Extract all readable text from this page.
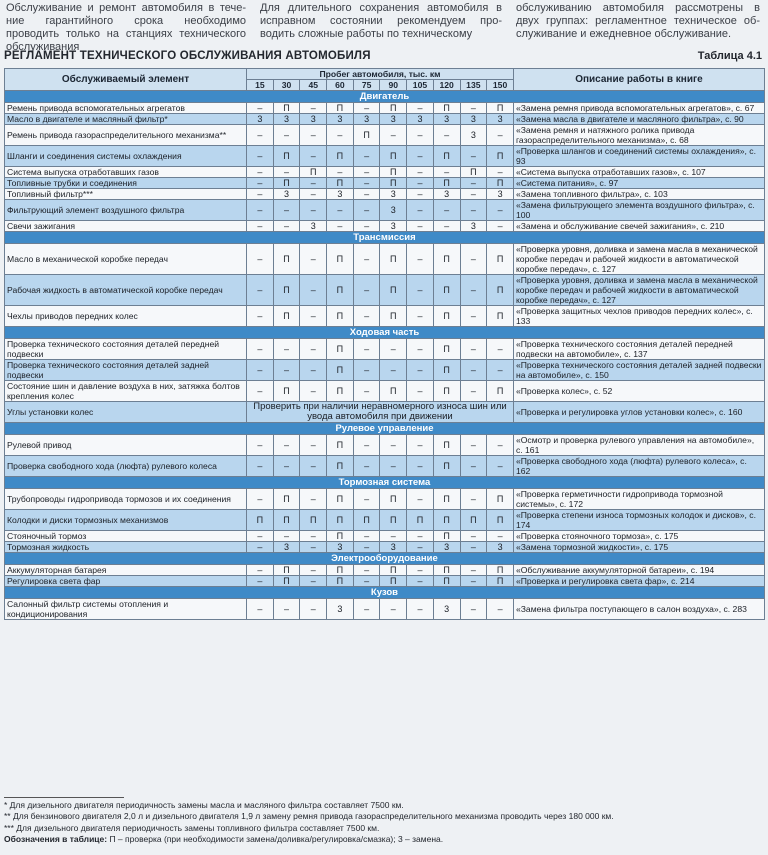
Обслуживание и ремонт автомобиля в тече- ние гарантийного срока необходимо проводить только на станциях технического обслуживания
Для длительного сохранения автомобиля в исправном состоянии рекомендуем про- водить сложные работы по техническому
обслуживанию автомобиля рассмотрены в двух группах: регламентное техническое об- служивание и ежедневное обслуживание.
РЕГЛАМЕНТ ТЕХНИЧЕСКОГО ОБСЛУЖИВАНИЯ АВТОМОБИЛЯ	Таблица 4.1
Обслуживаемый элемент	Пробег автомобиля, тыс. км										Описание работы в книге
	15	30	45	60	75	90	105	120	135	150	
Двигатель											
Ремень привода вспомогательных агрегатов	–	П	–	П	–	П	–	П	–	П	«Замена ремня привода вспомогательных агрегатов», с. 67
Масло в двигателе и масляный фильтр*	3	3	3	3	3	3	3	3	3	3	«Замена масла в двигателе и масляного фильтра», с. 90
Ремень привода газораспределительного механизма**	–	–	–	–	П	–	–	–	3	–	«Замена ремня и натяжного ролика привода газораспределительного механизма», с. 68
Шланги и соединения системы охлаждения	–	П	–	П	–	П	–	П	–	П	«Проверка шлангов и соединений системы охлаждения», с. 93
Система выпуска отработавших газов	–	–	П	–	–	П	–	–	П	–	«Система выпуска отработавших газов», с. 107
Топливные трубки и соединения	–	П	–	П	–	П	–	П	–	П	«Система питания», с. 97
Топливный фильтр***	–	3	–	3	–	3	–	3	–	3	«Замена топливного фильтра», с. 103
Фильтрующий элемент воздушного фильтра	–	–	–	–	–	3	–	–	–	–	«Замена фильтрующего элемента воздушного фильтра», с. 100
Свечи зажигания	–	–	3	–	–	3	–	–	3	–	«Замена и обслуживание свечей зажигания», с. 210
Трансмиссия											
Масло в механической коробке передач	–	П	–	П	–	П	–	П	–	П	«Проверка уровня, доливка и замена масла в механической коробке передач и рабочей жидкости в автоматической коробке передач», с. 127
Рабочая жидкость в автоматической коробке передач	–	П	–	П	–	П	–	П	–	П	«Проверка уровня, доливка и замена масла в механической коробке передач и рабочей жидкости в автоматической коробке передач», с. 127
Чехлы приводов передних колес	–	П	–	П	–	П	–	П	–	П	«Проверка защитных чехлов приводов передних колес», с. 133
Ходовая часть											
Проверка технического состояния деталей передней подвески	–	–	–	П	–	–	–	П	–	–	«Проверка технического состояния деталей передней подвески на автомобиле», с. 137
Проверка технического состояния деталей задней подвески	–	–	–	П	–	–	–	П	–	–	«Проверка технического состояния деталей задней подвески на автомобиле», с. 150
Состояние шин и давление воздуха в них, затяжка болтов крепления колес	–	П	–	П	–	П	–	П	–	П	«Проверка колес», с. 52
Углы установки колес	Проверить при наличии неравномерного износа шин или увода автомобиля при движении										«Проверка и регулировка углов установки колес», с. 160
Рулевое управление											
Рулевой привод	–	–	–	П	–	–	–	П	–	–	«Осмотр и проверка рулевого управления на автомобиле», с. 161
Проверка свободного хода (люфта) рулевого колеса	–	–	–	П	–	–	–	П	–	–	«Проверка свободного хода (люфта) рулевого колеса», с. 162
Тормозная система											
Трубопроводы гидропривода тормозов и их соединения	–	П	–	П	–	П	–	П	–	П	«Проверка герметичности гидропривода тормозной системы», с. 172
Колодки и диски тормозных механизмов	П	П	П	П	П	П	П	П	П	П	«Проверка степени износа тормозных колодок и дисков», с. 174
Стояночный тормоз	–	–	–	П	–	–	–	П	–	–	«Проверка стояночного тормоза», с. 175
Тормозная жидкость	–	3	–	3	–	3	–	3	–	3	«Замена тормозной жидкости», с. 175
Электрооборудование											
Аккумуляторная батарея	–	П	–	П	–	П	–	П	–	П	«Обслуживание аккумуляторной батареи», с. 194
Регулировка света фар	–	П	–	П	–	П	–	П	–	П	«Проверка и регулировка света фар», с. 214
Кузов											
Салонный фильтр системы отопления и кондиционирования	–	–	–	3	–	–	–	3	–	–	«Замена фильтра поступающего в салон воздуха», с. 283
* Для дизельного двигателя периодичность замены масла и масляного фильтра составляет 7500 км.
** Для бензинового двигателя 2,0 л и дизельного двигателя 1,9 л замену ремня привода газораспределительного механизма проводить через 180 000 км.
*** Для дизельного двигателя периодичность замены топливного фильтра составляет 7500 км.
Обозначения в таблице: П – проверка (при необходимости замена/доливка/регулировка/смазка); 3 – замена.
